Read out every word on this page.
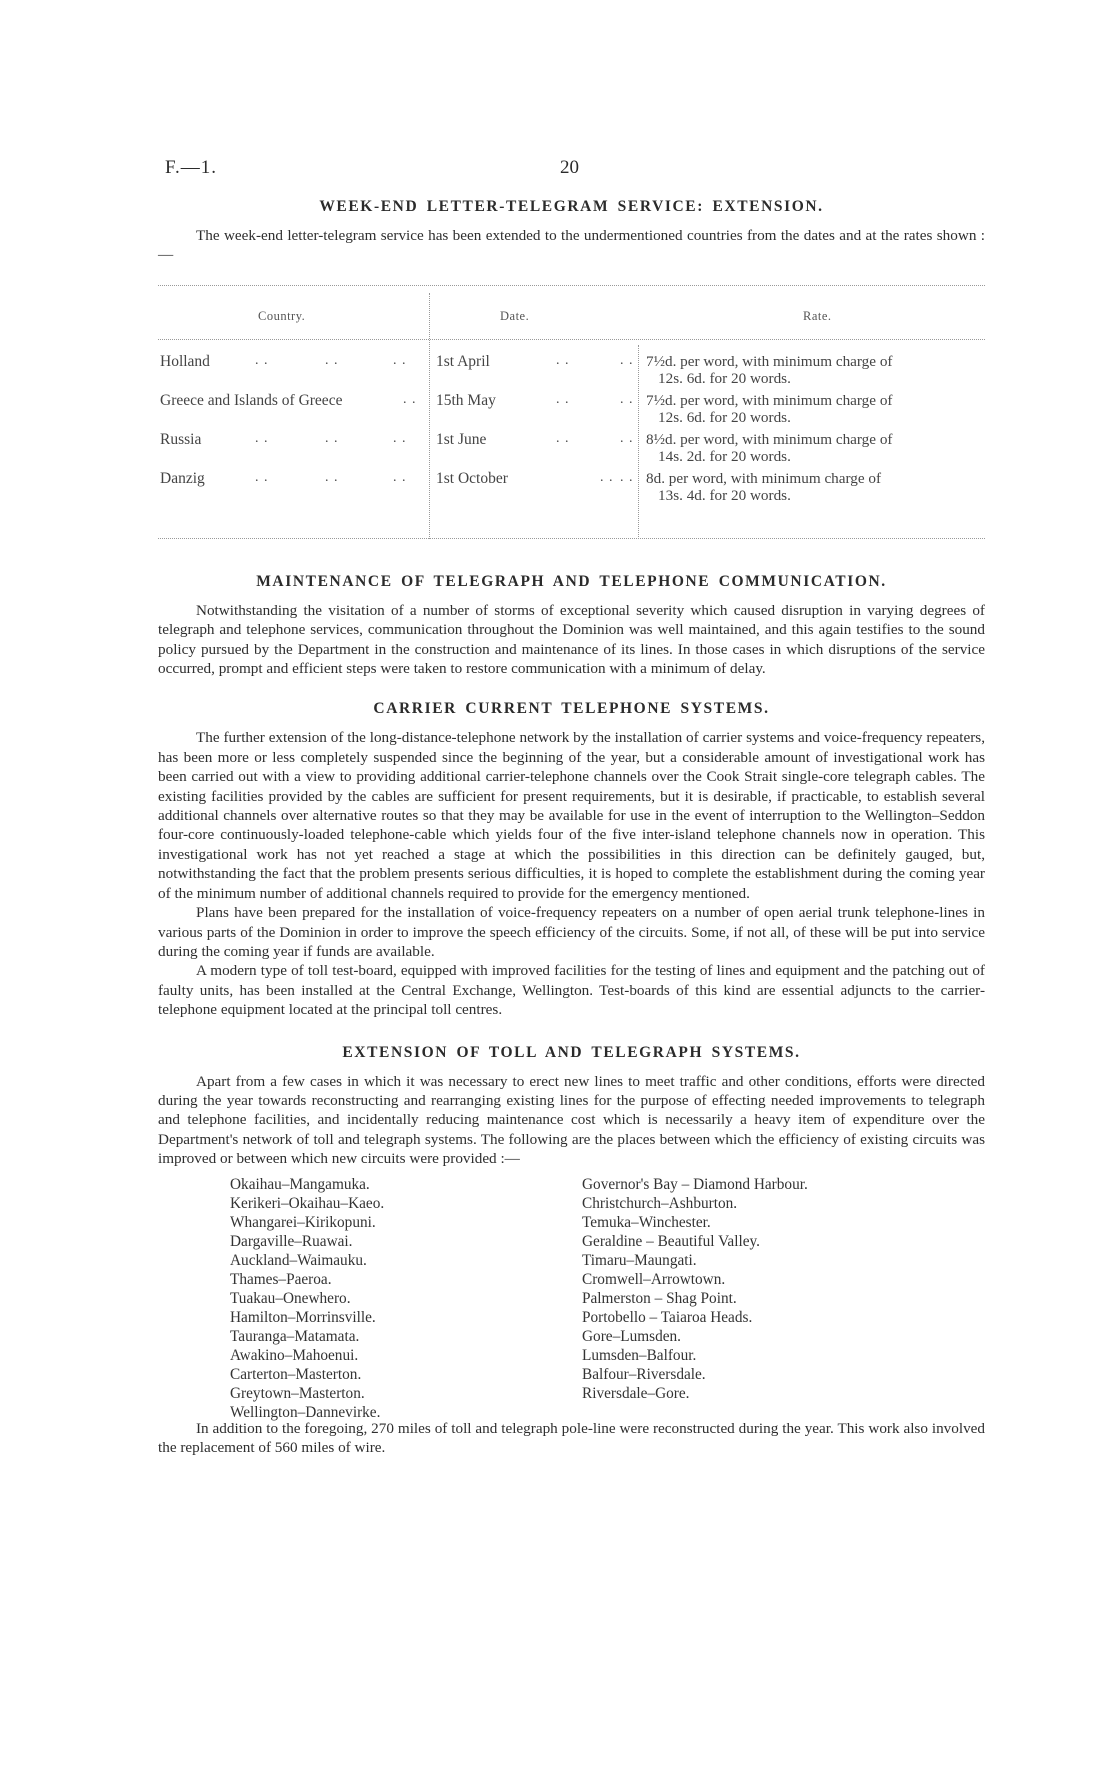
F.—1.	20
WEEK-END LETTER-TELEGRAM SERVICE: EXTENSION.

The week-end letter-telegram service has been extended to the undermentioned countries from the dates and at the rates shown :—

Country.	Date.	Rate.
Holland	. .	. .	. . 1st April	. .	. . 7½d. per word, with minimum charge of
12s. 6d. for 20 words.
Greece and Islands of Greece	. . 15th May	. .	. . 7½d. per word, with minimum charge of
12s. 6d. for 20 words.
Russia	. .	. .	. . 1st June	. .	. . 8½d. per word, with minimum charge of
14s. 2d. for 20 words.
Danzig	. .	. .	. . 1st October	. . . . 8d. per word, with minimum charge of
13s. 4d. for 20 words.
MAINTENANCE OF TELEGRAPH AND TELEPHONE COMMUNICATION.

Notwithstanding the visitation of a number of storms of exceptional severity which caused disruption in varying degrees of telegraph and telephone services, communication throughout the Dominion was well maintained, and this again testifies to the sound policy pursued by the Department in the construction and maintenance of its lines. In those cases in which disruptions of the service occurred, prompt and efficient steps were taken to restore communication with a minimum of delay.

CARRIER CURRENT TELEPHONE SYSTEMS.

The further extension of the long-distance-telephone network by the installation of carrier systems and voice-frequency repeaters, has been more or less completely suspended since the beginning of the year, but a considerable amount of investigational work has been carried out with a view to providing additional carrier-telephone channels over the Cook Strait single-core telegraph cables. The existing facilities provided by the cables are sufficient for present requirements, but it is desirable, if practicable, to establish several additional channels over alternative routes so that they may be available for use in the event of interruption to the Wellington–Seddon four-core continuously-loaded telephone-cable which yields four of the five inter-island telephone channels now in operation. This investigational work has not yet reached a stage at which the possibilities in this direction can be definitely gauged, but, notwithstanding the fact that the problem presents serious difficulties, it is hoped to complete the establishment during the coming year of the minimum number of additional channels required to provide for the emergency mentioned.

Plans have been prepared for the installation of voice-frequency repeaters on a number of open aerial trunk telephone-lines in various parts of the Dominion in order to improve the speech efficiency of the circuits. Some, if not all, of these will be put into service during the coming year if funds are available.

A modern type of toll test-board, equipped with improved facilities for the testing of lines and equipment and the patching out of faulty units, has been installed at the Central Exchange, Wellington. Test-boards of this kind are essential adjuncts to the carrier-telephone equipment located at the principal toll centres.

EXTENSION OF TOLL AND TELEGRAPH SYSTEMS.

Apart from a few cases in which it was necessary to erect new lines to meet traffic and other conditions, efforts were directed during the year towards reconstructing and rearranging existing lines for the purpose of effecting needed improvements to telegraph and telephone facilities, and incidentally reducing maintenance cost which is necessarily a heavy item of expenditure over the Department's network of toll and telegraph systems. The following are the places between which the efficiency of existing circuits was improved or between which new circuits were provided :—

Okaihau–Mangamuka.
Kerikeri–Okaihau–Kaeo.
Whangarei–Kirikopuni.
Dargaville–Ruawai.
Auckland–Waimauku.
Thames–Paeroa.
Tuakau–Onewhero.
Hamilton–Morrinsville.
Tauranga–Matamata.
Awakino–Mahoenui.
Carterton–Masterton.
Greytown–Masterton.
Wellington–Dannevirke.
Governor's Bay – Diamond Harbour.
Christchurch–Ashburton.
Temuka–Winchester.
Geraldine – Beautiful Valley.
Timaru–Maungati.
Cromwell–Arrowtown.
Palmerston – Shag Point.
Portobello – Taiaroa Heads.
Gore–Lumsden.
Lumsden–Balfour.
Balfour–Riversdale.
Riversdale–Gore.

In addition to the foregoing, 270 miles of toll and telegraph pole-line were reconstructed during the year. This work also involved the replacement of 560 miles of wire.
